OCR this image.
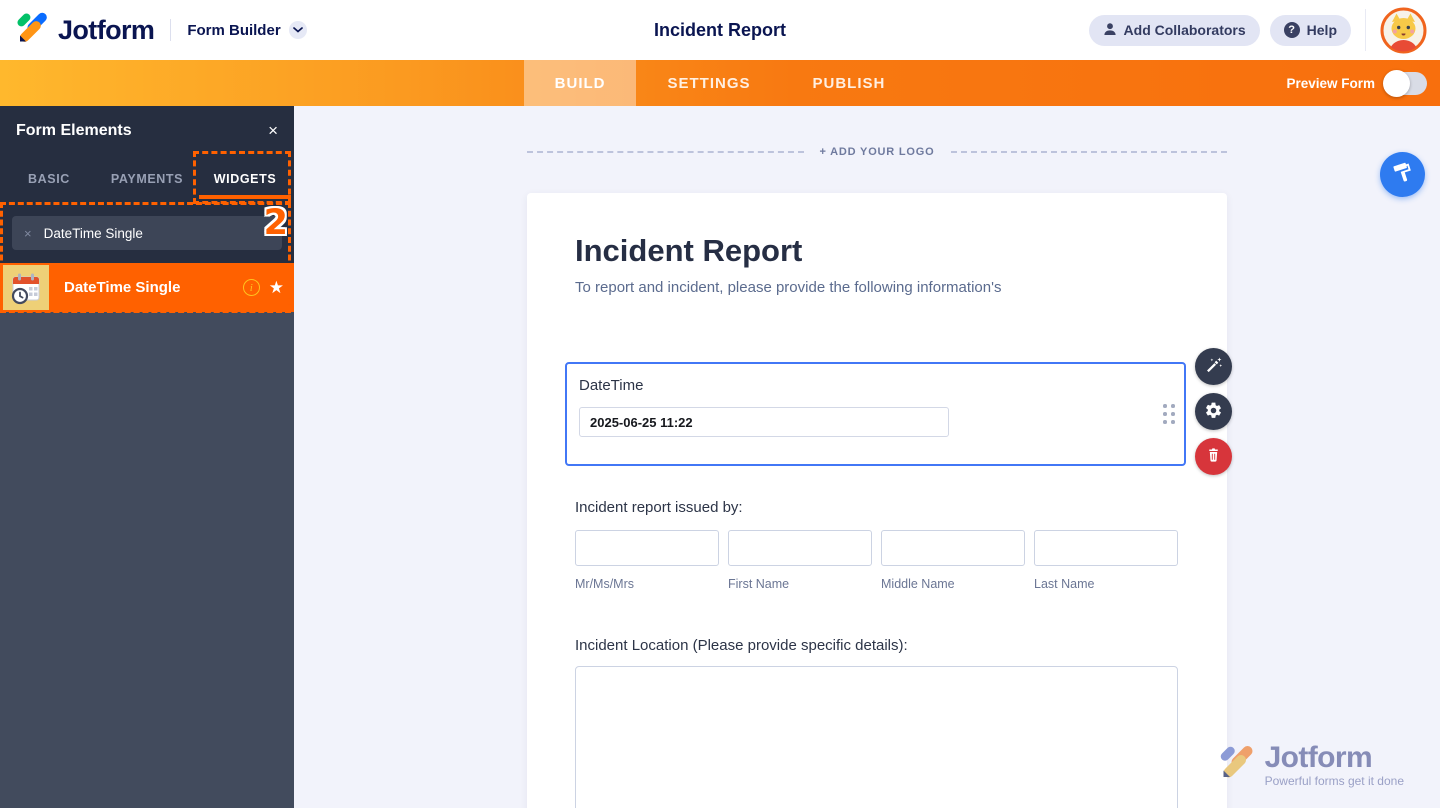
Jotform Form Builder	Incident Report	Add Collaborators	? Help
BUILD	SETTINGS	PUBLISH	Preview Form
Form Elements	×
BASIC	PAYMENTS WIDGETS
×
DateTime Single
DateTime Single	i ★
2
+ ADD YOUR LOGO
Incident Report

To report and incident, please provide the following information's

DateTime
2025-06-25 11:22
Incident report issued by:
Mr/Ms/Mrs	First Name	Middle Name	Last Name
Incident Location (Please provide specific details):
Jotform
Powerful forms get it done
